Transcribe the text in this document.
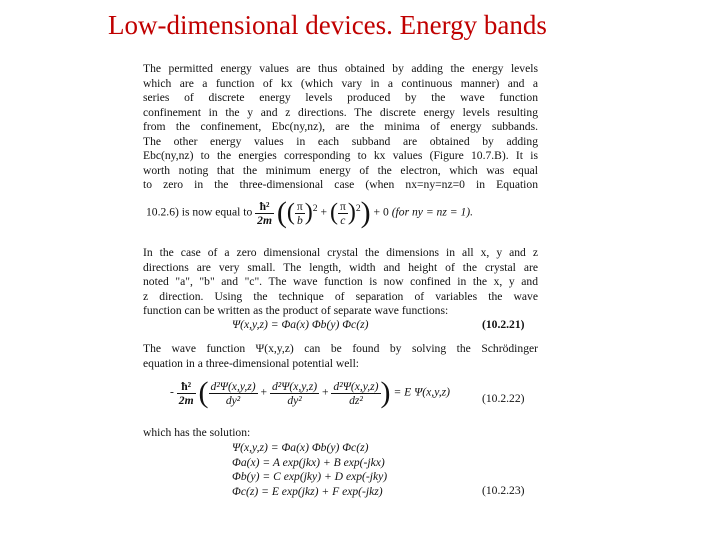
Low-dimensional devices. Energy bands
The permitted energy values are thus obtained by adding the energy levels
which are a function of kx (which vary in a continuous manner) and a
series of discrete energy levels produced by the wave function
confinement in the y and z directions. The discrete energy levels resulting
from the confinement, Ebc(ny,nz), are the minima of energy subbands.
The other energy values in each subband are obtained by adding
Ebc(ny,nz) to the energies corresponding to kx values (Figure 10.7.B). It is
worth noting that the minimum energy of the electron, which was equal
to zero in the three-dimensional case (when nx=ny=nz=0 in Equation
10.2.6) is now equal to $\frac{\text{ħ²}}{2m}$ (( $\frac{\pi}{b} )^2$ + ( $\frac{\pi}{c} )^2) + 0$ (for ny = nz = 1).
In the case of a zero dimensional crystal the dimensions in all x, y and z
directions are very small. The length, width and height of the crystal are
noted "a", "b" and "c". The wave function is now confined in the x, y and
z direction. Using the technique of separation of variables the wave
function can be written as the product of separate wave functions:
Ψ(x,y,z) = Φa(x) Φb(y) Φc(z)	(10.2.21)
The wave function Ψ(x,y,z) can be found by solving the Schrödinger
equation in a three-dimensional potential well:
- $\frac{\text{ħ²}}{2m}$ ( $\frac{\text{d²Ψ(x,y,z)}}{\text{dy²}} + \frac{\text{d²Ψ(x,y,z)}}{\text{dy²}} + \frac{\text{d²Ψ(x,y,z)}}{\text{dz²}}$ ) = E Ψ(x,y,z)	(10.2.22)
which has the solution:
Ψ(x,y,z) = Φa(x) Φb(y) Φc(z)
Φa(x) = A exp(jkx) + B exp(-jkx)
Φb(y) = C exp(jky) + D exp(-jky)
Φc(z) = E exp(jkz) + F exp(-jkz)	(10.2.23)
